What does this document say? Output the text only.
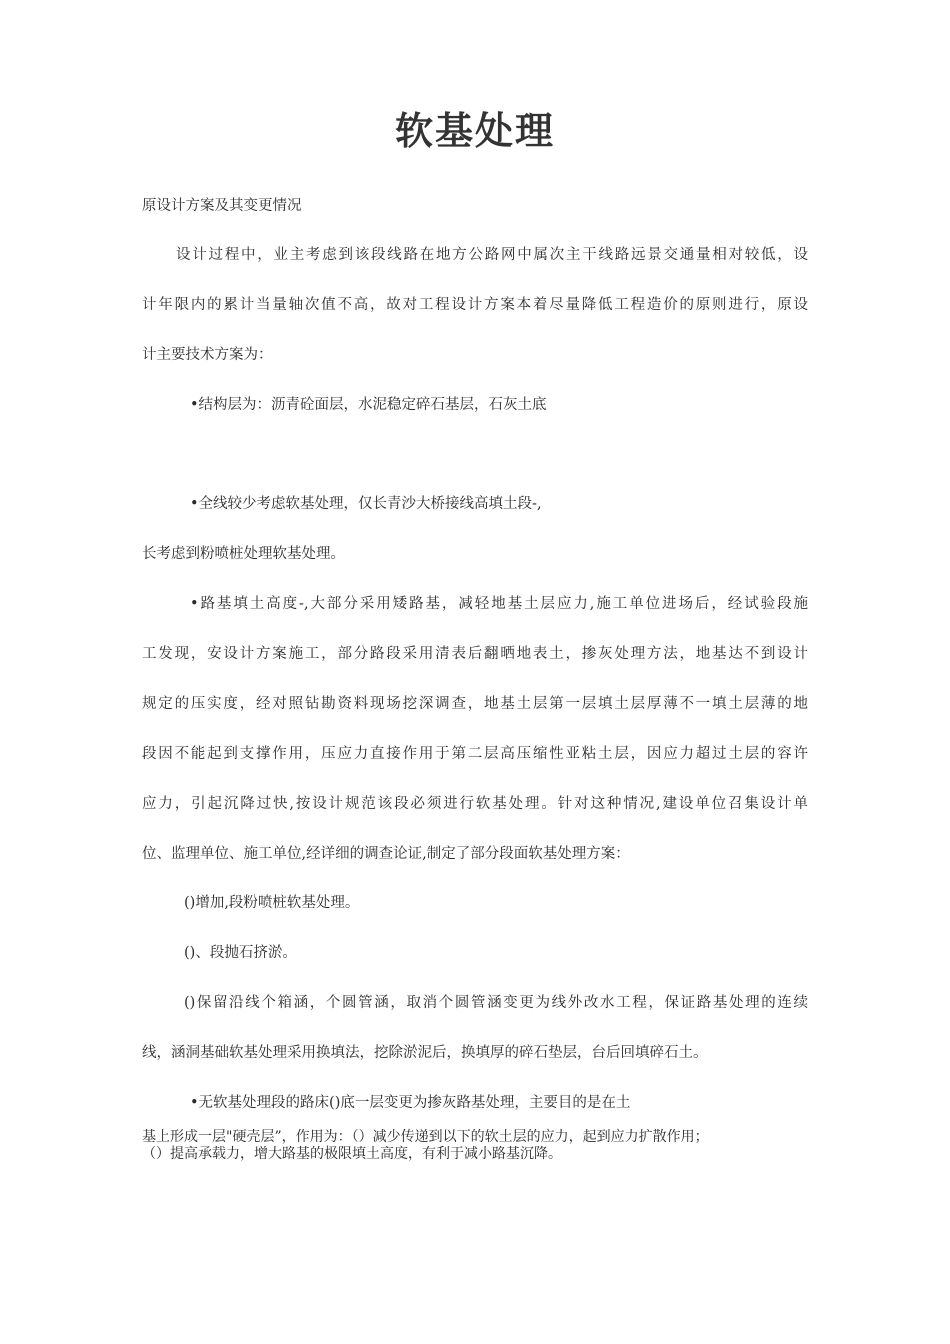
软基处理
原设计方案及其变更情况
设计过程中，业主考虑到该段线路在地方公路网中属次主干线路远景交通量相对较低，设
计年限内的累计当量轴次值不高，故对工程设计方案本着尽量降低工程造价的原则进行，原设
计主要技术方案为：
•结构层为：沥青砼面层，水泥稳定碎石基层，石灰土底
•全线较少考虑软基处理，仅长青沙大桥接线高填土段-,
长考虑到粉喷桩处理软基处理。
•路基填土高度-,大部分采用矮路基，减轻地基土层应力,施工单位进场后，经试验段施
工发现，安设计方案施工，部分路段采用清表后翻晒地表土，掺灰处理方法，地基达不到设计
规定的压实度，经对照钻勘资料现场挖深调查，地基土层第一层填土层厚薄不一填土层薄的地
段因不能起到支撑作用，压应力直接作用于第二层高压缩性亚粘土层，因应力超过土层的容许
应力，引起沉降过快,按设计规范该段必须进行软基处理。针对这种情况,建设单位召集设计单
位、监理单位、施工单位,经详细的调查论证,制定了部分段面软基处理方案：
()增加,段粉喷桩软基处理。
()、段抛石挤淤。
()保留沿线个箱涵，个圆管涵，取消个圆管涵变更为线外改水工程，保证路基处理的连续
线，涵洞基础软基处理采用换填法，挖除淤泥后，换填厚的碎石垫层，台后回填碎石土。
•无软基处理段的路床()底一层变更为掺灰路基处理，主要目的是在土
基上形成一层"硬壳层”，作用为：（）减少传递到以下的软土层的应力，起到应力扩散作用；
（）提高承载力，增大路基的极限填土高度，有利于减小路基沉降。
